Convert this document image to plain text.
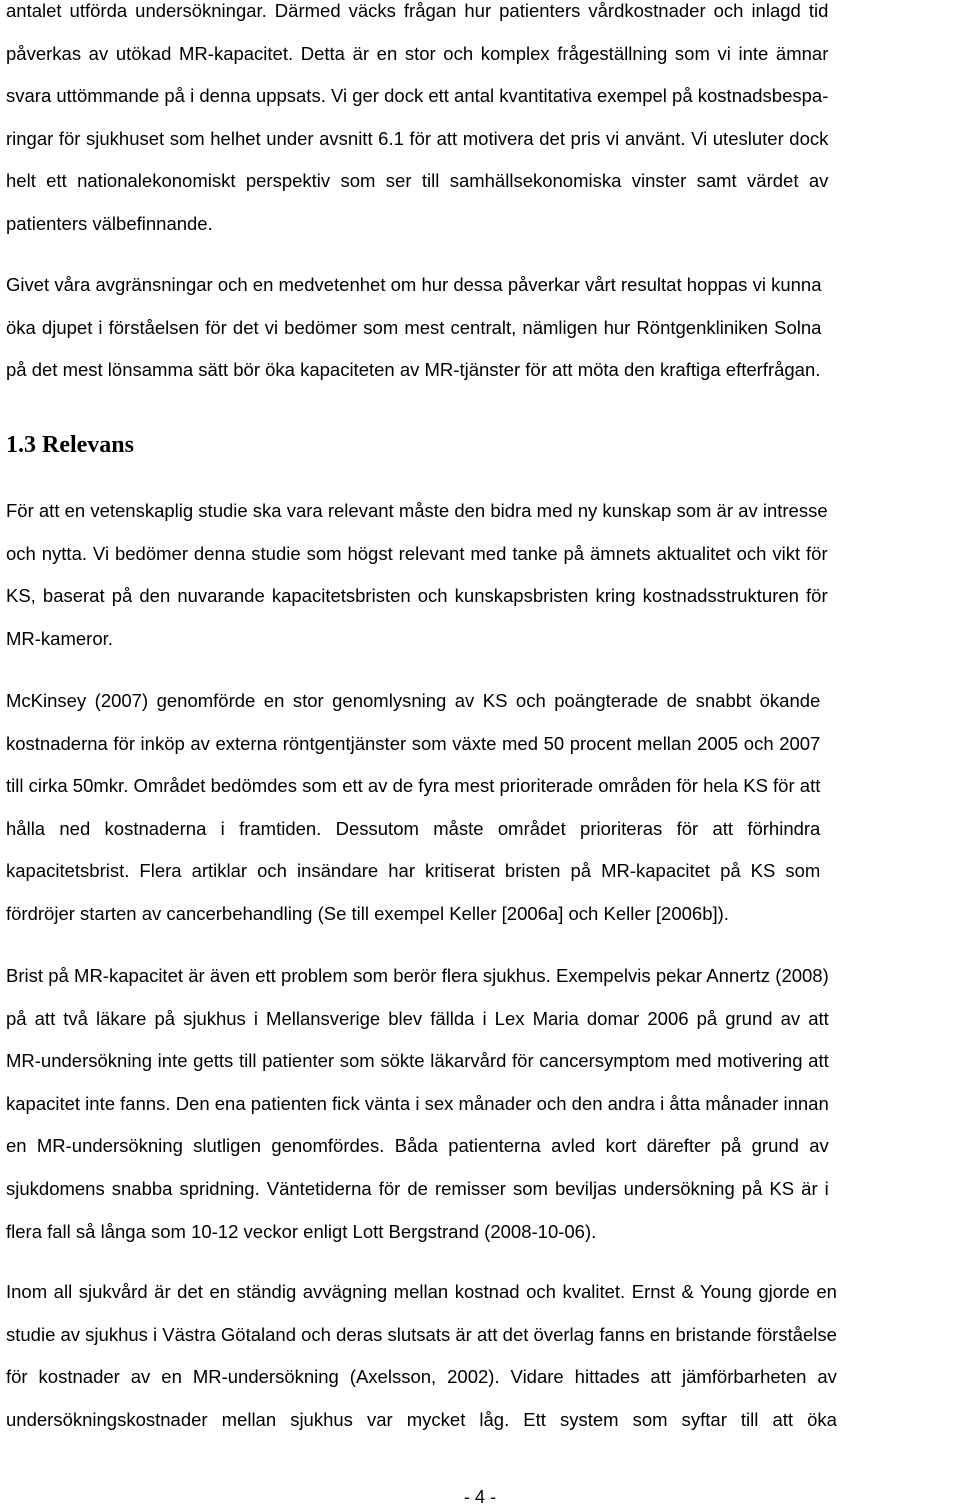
antalet utförda undersökningar. Därmed väcks frågan hur patienters vårdkostnader och inlagd tid
påverkas av utökad MR-kapacitet. Detta är en stor och komplex frågeställning som vi inte ämnar
svara uttömmande på i denna uppsats. Vi ger dock ett antal kvantitativa exempel på kostnadsbespa-
ringar för sjukhuset som helhet under avsnitt 6.1 för att motivera det pris vi använt. Vi utesluter dock
helt ett nationalekonomiskt perspektiv som ser till samhällsekonomiska vinster samt värdet av
patienters välbefinnande.
Givet våra avgränsningar och en medvetenhet om hur dessa påverkar vårt resultat hoppas vi kunna
öka djupet i förståelsen för det vi bedömer som mest centralt, nämligen hur Röntgenkliniken Solna
på det mest lönsamma sätt bör öka kapaciteten av MR-tjänster för att möta den kraftiga efterfrågan.
1.3 Relevans
För att en vetenskaplig studie ska vara relevant måste den bidra med ny kunskap som är av intresse
och nytta. Vi bedömer denna studie som högst relevant med tanke på ämnets aktualitet och vikt för
KS, baserat på den nuvarande kapacitetsbristen och kunskapsbristen kring kostnadsstrukturen för
MR-kameror.
McKinsey (2007) genomförde en stor genomlysning av KS och poängterade de snabbt ökande
kostnaderna för inköp av externa röntgentjänster som växte med 50 procent mellan 2005 och 2007
till cirka 50mkr. Området bedömdes som ett av de fyra mest prioriterade områden för hela KS för att
hålla ned kostnaderna i framtiden. Dessutom måste området prioriteras för att förhindra
kapacitetsbrist. Flera artiklar och insändare har kritiserat bristen på MR-kapacitet på KS som
fördröjer starten av cancerbehandling (Se till exempel Keller [2006a] och Keller [2006b]).
Brist på MR-kapacitet är även ett problem som berör flera sjukhus. Exempelvis pekar Annertz (2008)
på att två läkare på sjukhus i Mellansverige blev fällda i Lex Maria domar 2006 på grund av att
MR-undersökning inte getts till patienter som sökte läkarvård för cancersymptom med motivering att
kapacitet inte fanns. Den ena patienten fick vänta i sex månader och den andra i åtta månader innan
en MR-undersökning slutligen genomfördes. Båda patienterna avled kort därefter på grund av
sjukdomens snabba spridning. Väntetiderna för de remisser som beviljas undersökning på KS är i
flera fall så långa som 10-12 veckor enligt Lott Bergstrand (2008-10-06).
Inom all sjukvård är det en ständig avvägning mellan kostnad och kvalitet. Ernst & Young gjorde en
studie av sjukhus i Västra Götaland och deras slutsats är att det överlag fanns en bristande förståelse
för kostnader av en MR-undersökning (Axelsson, 2002). Vidare hittades att jämförbarheten av
undersökningskostnader mellan sjukhus var mycket låg. Ett system som syftar till att öka
- 4 -
